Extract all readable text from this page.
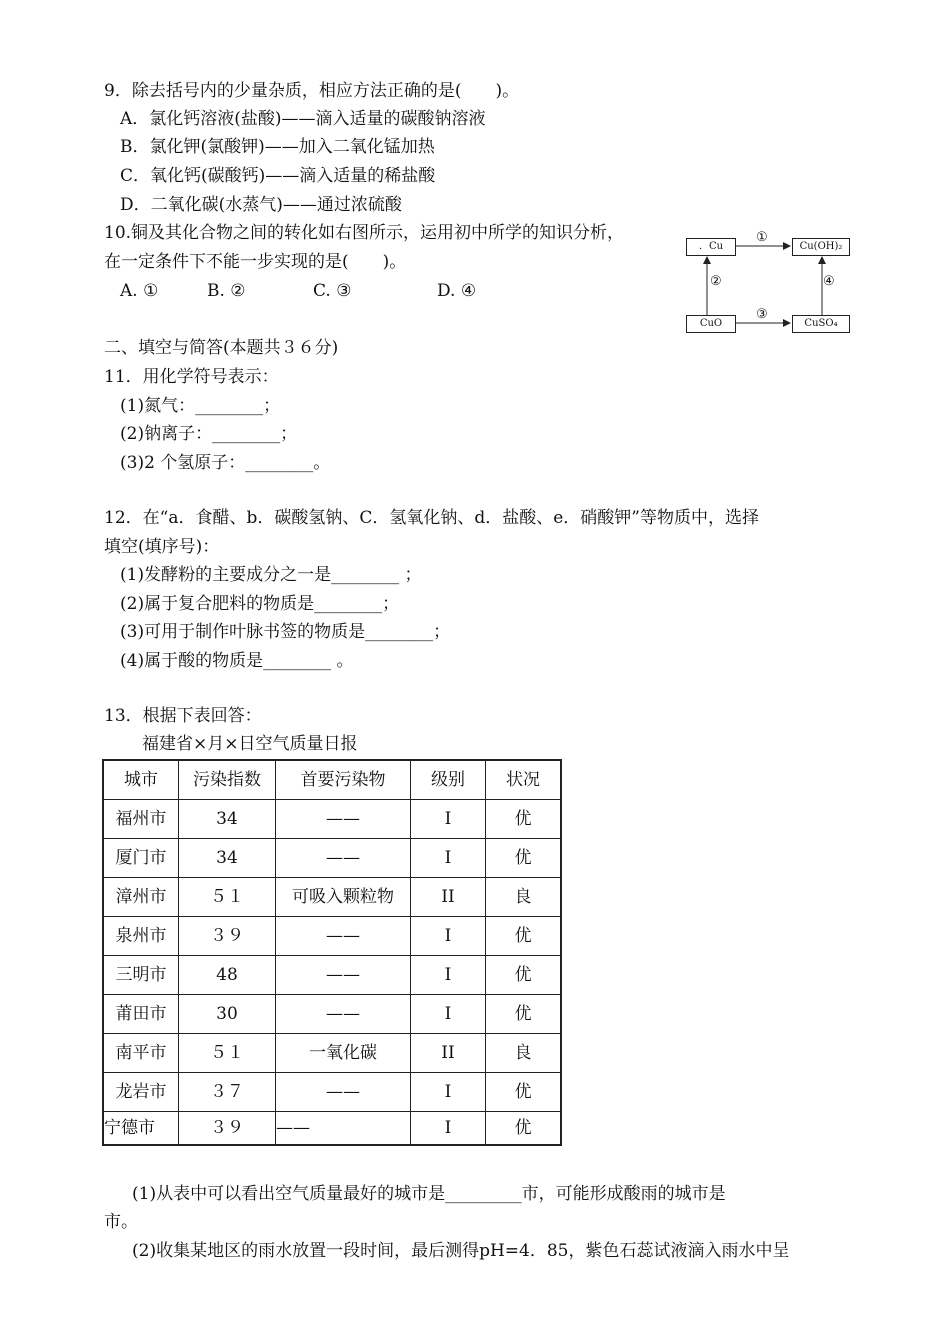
9．除去括号内的少量杂质，相应方法正确的是(　　)。
A．氯化钙溶液(盐酸)——滴入适量的碳酸钠溶液
B．氯化钾(氯酸钾)——加入二氧化锰加热
C．氧化钙(碳酸钙)——滴入适量的稀盐酸
D．二氧化碳(水蒸气)——通过浓硫酸
10.铜及其化合物之间的转化如右图所示，运用初中所学的知识分析，
在一定条件下不能一步实现的是(　　)。
A. ①	B. ②	C. ③	D. ④
．Cu	Cu(OH)₂
CuO	CuSO₄
①
②
③
④
二、填空与简答(本题共３６分)
11．用化学符号表示：
(1)氮气：________；
(2)钠离子：________；
(3)2 个氢原子：________。
12．在“a．食醋、b．碳酸氢钠、C．氢氧化钠、d．盐酸、e．硝酸钾”等物质中，选择
填空(填序号)：
(1)发酵粉的主要成分之一是________ ；
(2)属于复合肥料的物质是________；
(3)可用于制作叶脉书签的物质是________；
(4)属于酸的物质是________ 。
13．根据下表回答：
福建省×月×日空气质量日报
城市	污染指数	首要污染物	级别	状况
福州市	34	——	I	优
厦门市	34	——	I	优
漳州市	５１	可吸入颗粒物	II	良
泉州市	３９	——	I	优
三明市	48	——	I	优
莆田市	30	——	I	优
南平市	５１	一氧化碳	II	良
龙岩市	３７	——	I	优
宁德市	３９	——	I	优
(1)从表中可以看出空气质量最好的城市是_________市，可能形成酸雨的城市是
市。
(2)收集某地区的雨水放置一段时间，最后测得pH=4．85，紫色石蕊试液滴入雨水中呈
